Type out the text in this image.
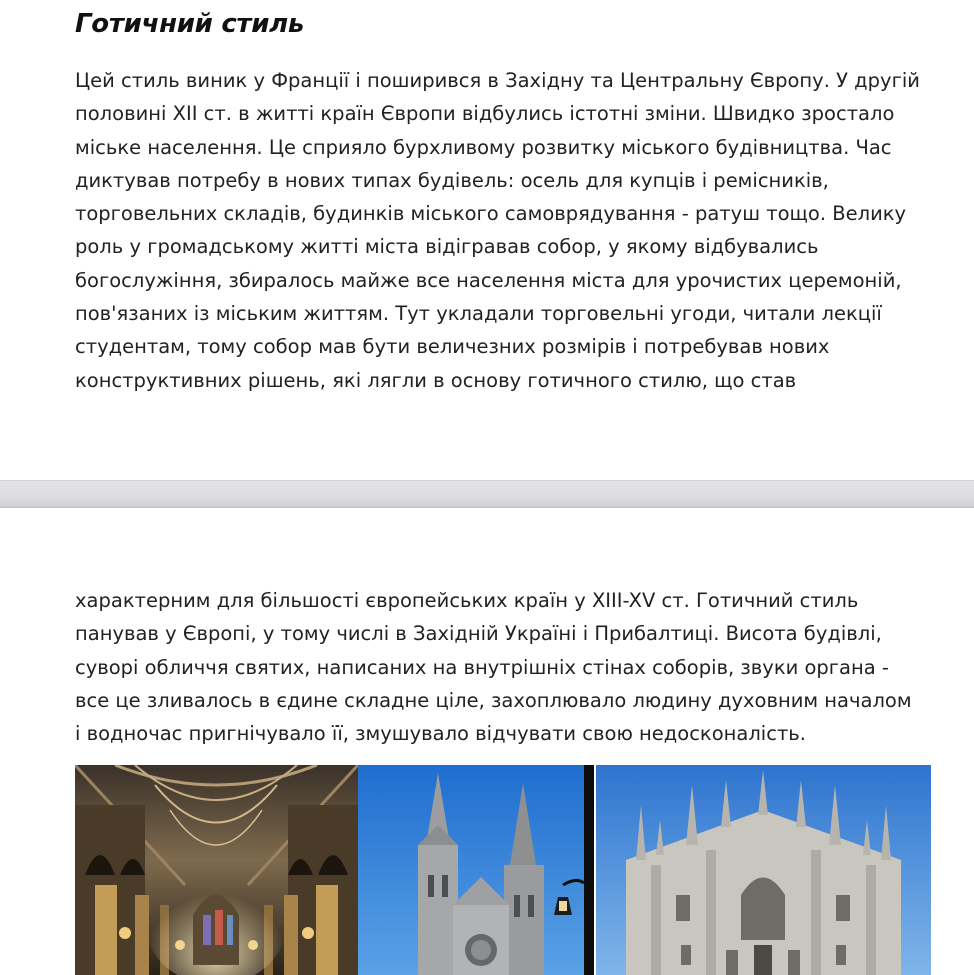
Готичний стиль
Цей стиль виник у Франції і поширився в Західну та Центральну Європу. У другій
половині XII ст. в житті країн Європи відбулись істотні зміни. Швидко зростало
міське населення. Це сприяло бурхливому розвитку міського будівництва. Час
диктував потребу в нових типах будівель: осель для купців і ремісників,
торговельних складів, будинків міського самоврядування - ратуш тощо. Велику
роль у громадському житті міста відігравав собор, у якому відбувались
богослужіння, збиралось майже все населення міста для урочистих церемоній,
пов'язаних із міським життям. Тут укладали торговельні угоди, читали лекції
студентам, тому собор мав бути величезних розмірів і потребував нових
конструктивних рішень, які лягли в основу готичного стилю, що став
характерним для більшості європейських країн у XIII-XV ст. Готичний стиль
панував у Європі, у тому числі в Західній Україні і Прибалтиці. Висота будівлі,
суворі обличчя святих, написаних на внутрішніх стінах соборів, звуки органа -
все це зливалось в єдине складне ціле, захоплювало людину духовним началом
і водночас пригнічувало її, змушувало відчувати свою недосконалість.
